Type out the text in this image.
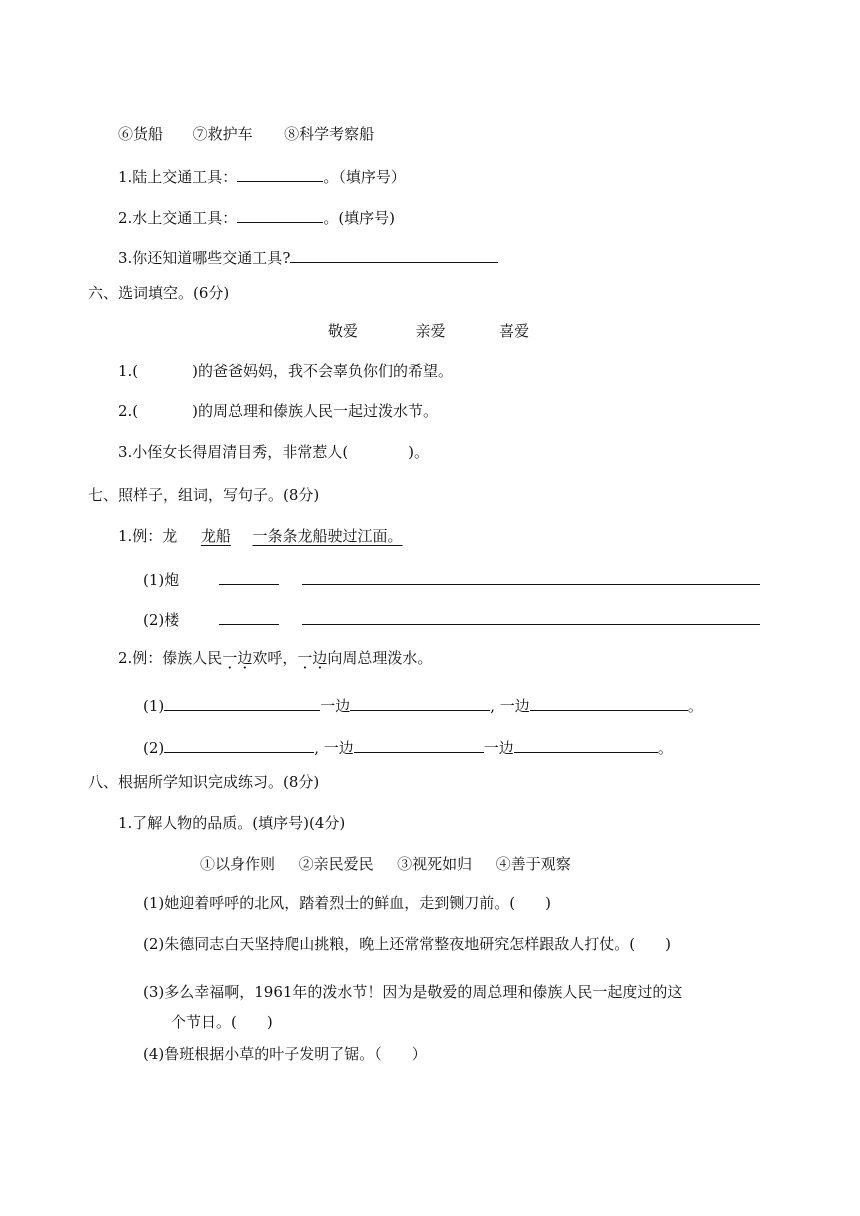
⑥货船 ⑦救护车 ⑧科学考察船
1.陆上交通工具：	。（填序号）
2.水上交通工具：	。(填序号)
3.你还知道哪些交通工具?
六、选词填空。(6分)
敬爱	亲爱	喜爱
1.(	)的爸爸妈妈，我不会辜负你们的希望。
2.(	)的周总理和傣族人民一起过泼水节。
3.小侄女长得眉清目秀，非常惹人(	)。
七、照样子，组词，写句子。(8分)
1.例：龙 龙船 一条条龙船驶过江面。
(1)炮
(2)楼
2.例：傣族人民一边欢呼，一边向周总理泼水。
(1)	一边	, 一边	。
(2)	, 一边	一边	。
八、根据所学知识完成练习。(8分)
1.了解人物的品质。(填序号)(4分)
①以身作则 ②亲民爱民 ③视死如归 ④善于观察
(1)她迎着呼呼的北风，踏着烈士的鲜血，走到铡刀前。(　　)
(2)朱德同志白天坚持爬山挑粮，晚上还常常整夜地研究怎样跟敌人打仗。(　　)
(3)多么幸福啊，1961年的泼水节！因为是敬爱的周总理和傣族人民一起度过的这
个节日。(　　)
(4)鲁班根据小草的叶子发明了锯。（　　）
